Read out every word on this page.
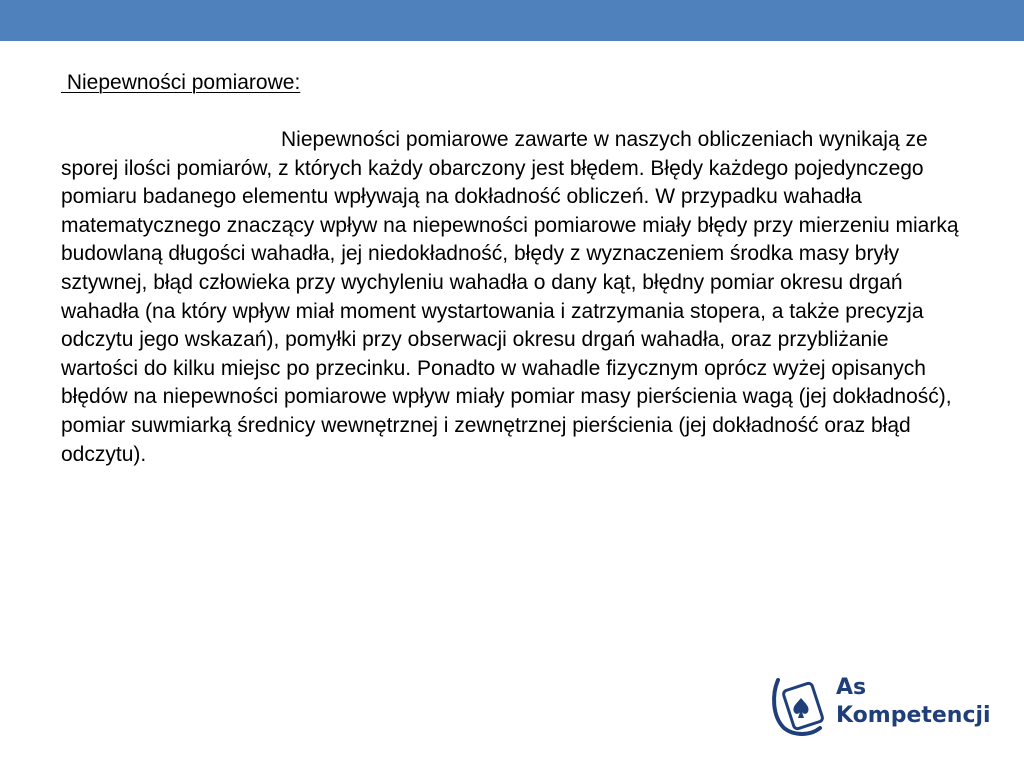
Niepewności pomiarowe:

Niepewności pomiarowe zawarte w naszych obliczeniach wynikają ze sporej ilości pomiarów, z których każdy obarczony jest błędem. Błędy każdego pojedynczego pomiaru badanego elementu wpływają na dokładność obliczeń. W przypadku wahadła matematycznego znaczący wpływ na niepewności pomiarowe miały błędy przy mierzeniu miarką budowlaną długości wahadła, jej niedokładność, błędy z wyznaczeniem środka masy bryły sztywnej, błąd człowieka przy wychyleniu wahadła o dany kąt, błędny pomiar okresu drgań wahadła (na który wpływ miał moment wystartowania i zatrzymania stopera, a także precyzja odczytu jego wskazań), pomyłki przy obserwacji okresu drgań wahadła, oraz przybliżanie wartości do kilku miejsc po przecinku. Ponadto w wahadle fizycznym oprócz wyżej opisanych błędów na niepewności pomiarowe wpływ miały pomiar masy pierścienia wagą (jej dokładność), pomiar suwmiarką średnicy wewnętrznej i zewnętrznej pierścienia (jej dokładność oraz błąd odczytu).

As
Kompetencji
